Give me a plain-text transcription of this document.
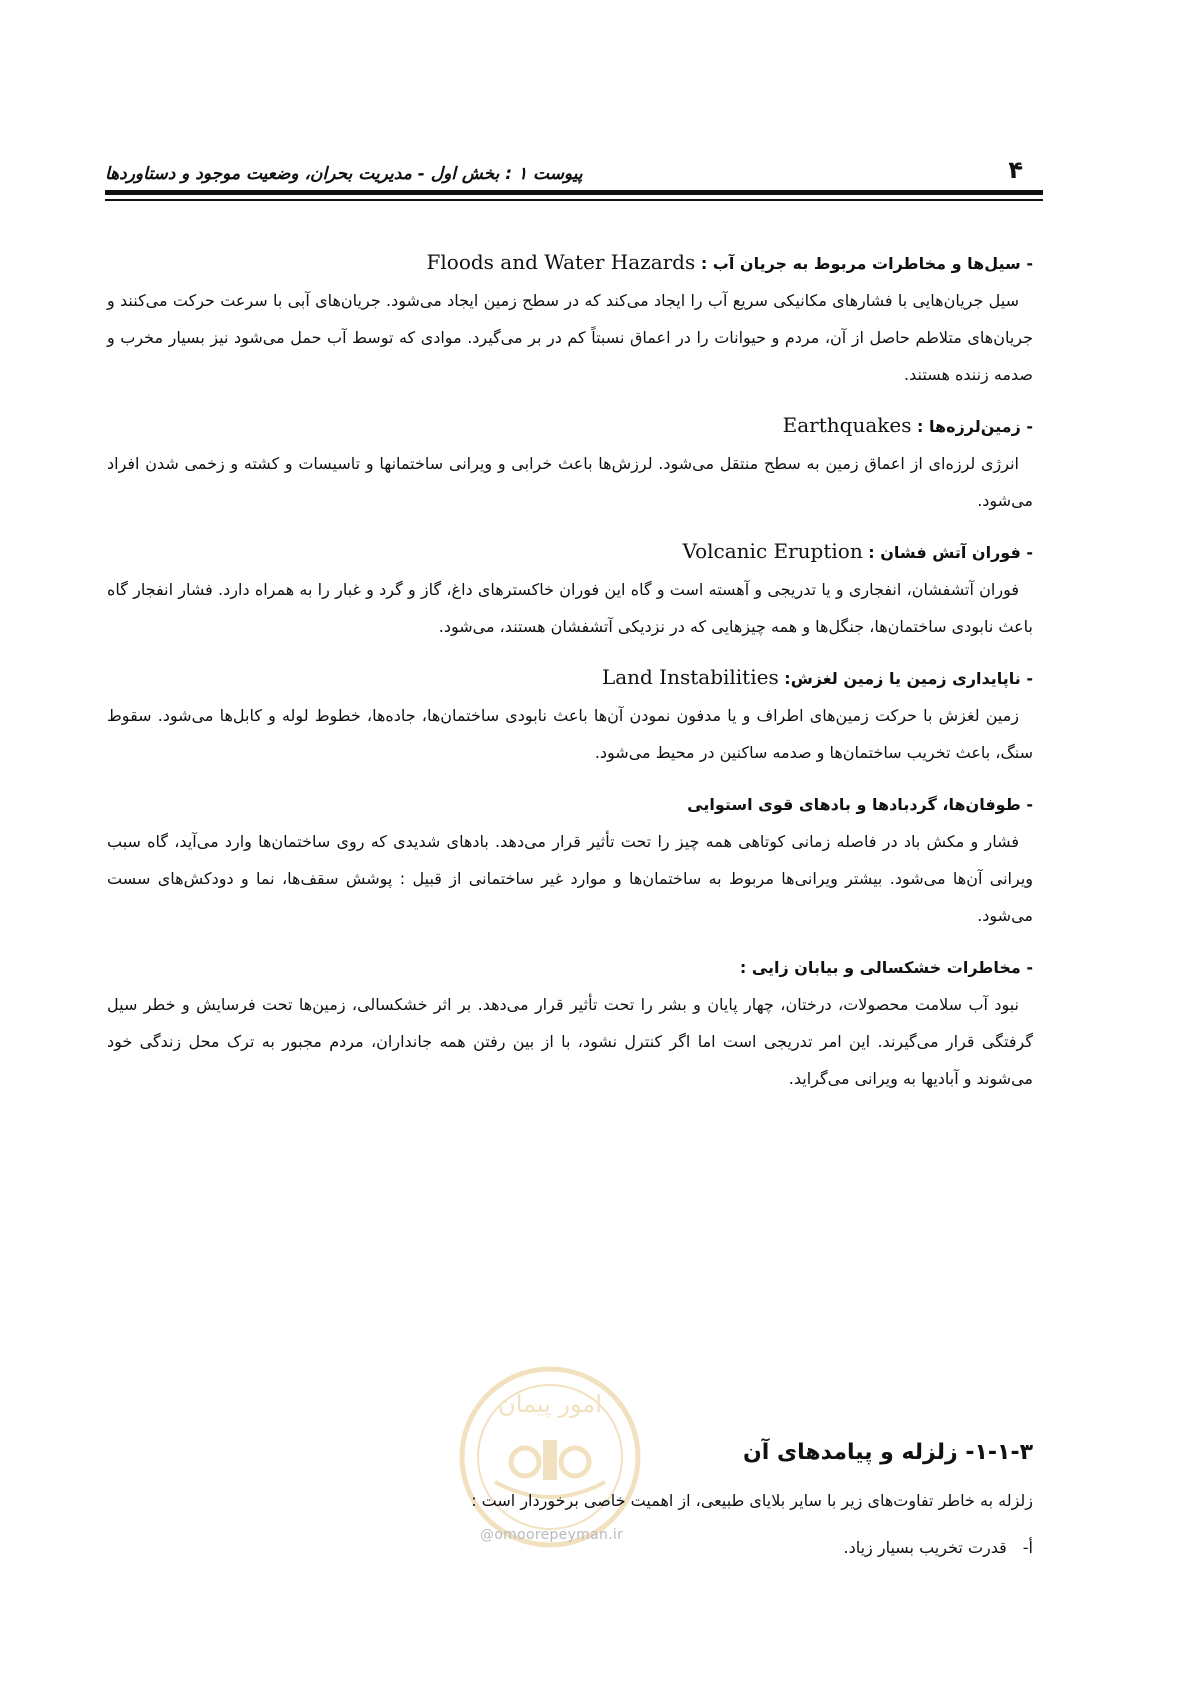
پیوست ۱ : بخش اول - مدیریت بحران، وضعیت موجود و دستاوردها	۴

- سیل‌ها و مخاطرات مربوط به جریان آب : Floods and Water Hazards

سیل جریان‌هایی با فشارهای مکانیکی سریع آب را ایجاد می‌کند که در سطح زمین ایجاد می‌شود. جریان‌های آبی با سرعت حرکت می‌کنند و جریان‌های متلاطم حاصل از آن، مردم و حیوانات را در اعماق نسبتاً کم در بر می‌گیرد. موادی که توسط آب حمل می‌شود نیز بسیار مخرب و صدمه زننده هستند.

- زمین‌لرزه‌ها : Earthquakes

انرژی لرزه‌ای از اعماق زمین به سطح منتقل می‌شود. لرزش‌ها باعث خرابی و ویرانی ساختمانها و تاسیسات و کشته و زخمی شدن افراد می‌شود.

- فوران آتش فشان : Volcanic Eruption

فوران آتشفشان، انفجاری و یا تدریجی و آهسته است و گاه این فوران خاکسترهای داغ، گاز و گرد و غبار را به همراه دارد. فشار انفجار گاه باعث نابودی ساختمان‌ها، جنگل‌ها و همه چیزهایی که در نزدیکی آتشفشان هستند، می‌شود.

- ناپایداری زمین یا زمین لغزش: Land Instabilities

زمین لغزش با حرکت زمین‌های اطراف و یا مدفون نمودن آن‌ها باعث نابودی ساختمان‌ها، جاده‌ها، خطوط لوله و کابل‌ها می‌شود. سقوط سنگ، باعث تخریب ساختمان‌ها و صدمه ساکنین در محیط می‌شود.

- طوفان‌ها، گردبادها و بادهای قوی استوایی

فشار و مکش باد در فاصله زمانی کوتاهی همه چیز را تحت تأثیر قرار می‌دهد. بادهای شدیدی که روی ساختمان‌ها وارد می‌آید، گاه سبب ویرانی آن‌ها می‌شود. بیشتر ویرانی‌ها مربوط به ساختمان‌ها و موارد غیر ساختمانی از قبیل : پوشش سقف‌ها، نما و دودکش‌های سست می‌شود.

- مخاطرات خشکسالی و بیابان زایی :

نبود آب سلامت محصولات، درختان، چهار پایان و بشر را تحت تأثیر قرار می‌دهد. بر اثر خشکسالی، زمین‌ها تحت فرسایش و خطر سیل گرفتگی قرار می‌گیرند. این امر تدریجی است اما اگر کنترل نشود، با از بین رفتن همه جانداران، مردم مجبور به ترک محل زندگی خود می‌شوند و آبادیها به ویرانی می‌گراید.

امور پیمان
۱-۱-۳- زلزله و پیامدهای آن
زلزله به خاطر تفاوت‌های زیر با سایر بلایای طبیعی، از اهمیت خاصی برخوردار است :
أ-قدرت تخریب بسیار زیاد.
@omoorepeyman.ir
